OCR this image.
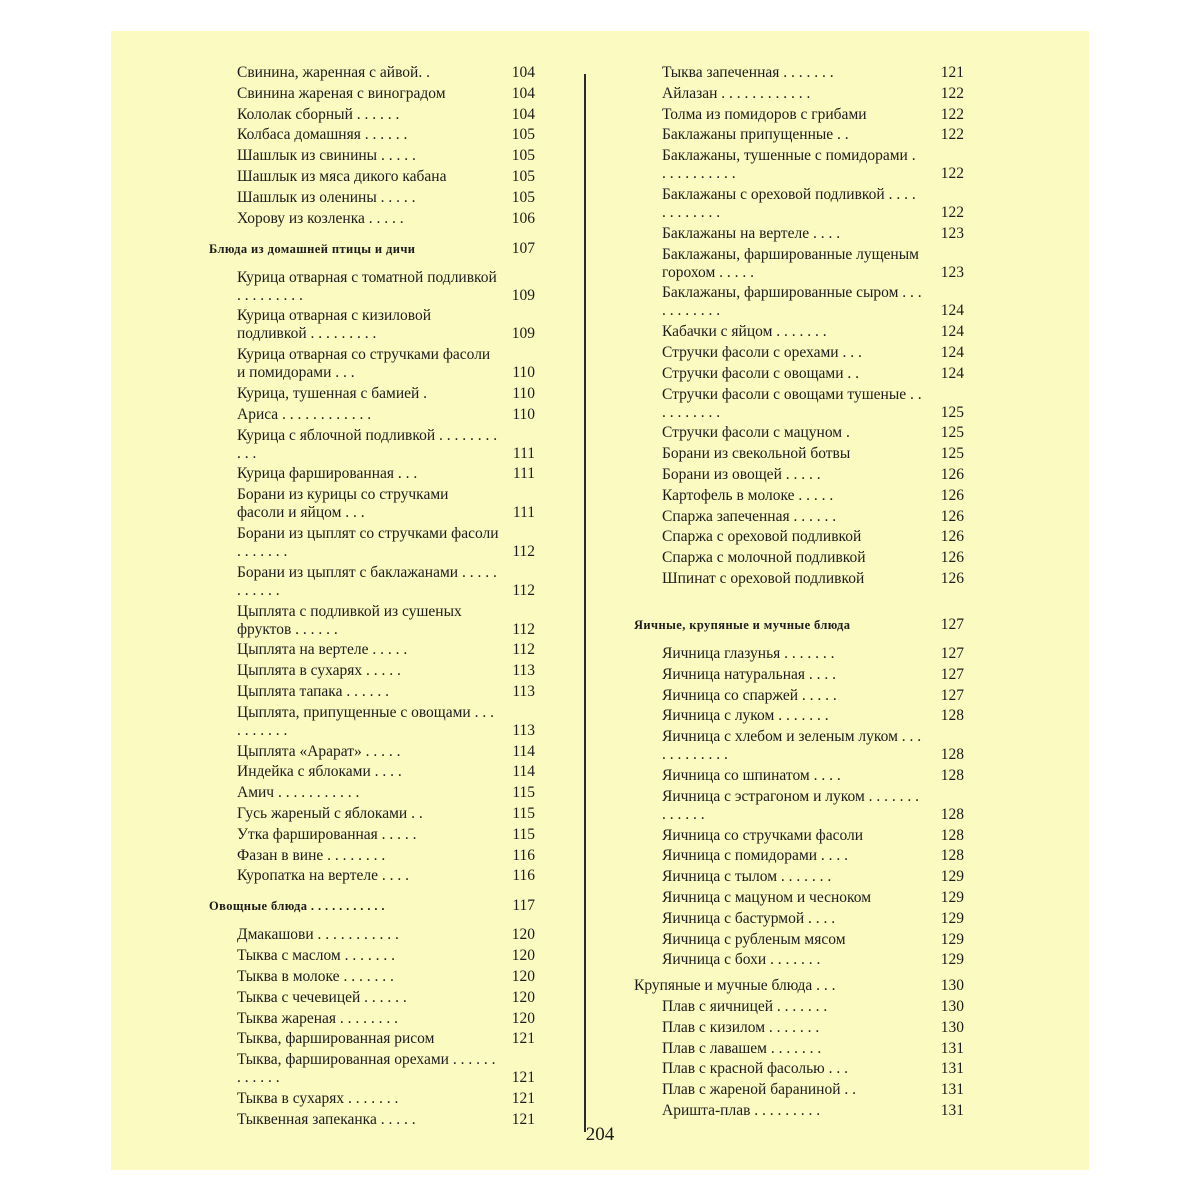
Свинина, жаренная с айвой. .	104
Свинина жареная с виноградом	104
Кололак сборный . . . . . .	104
Колбаса домашняя . . . . . .	105
Шашлык из свинины . . . . .	105
Шашлык из мяса дикого кабана	105
Шашлык из оленины . . . . .	105
Хорову из козленка . . . . .	106
Блюда из домашней птицы и дичи	107
Курица отварная с томатной подливкой . . . . . . . . .	109
Курица отварная с кизиловой подливкой . . . . . . . . .	109
Курица отварная со стручками фасоли и помидорами . . .	110
Курица, тушенная с бамией .	110
Ариса . . . . . . . . . . . .	110
Курица с яблочной подливкой . . . . . . . . . . .	111
Курица фаршированная . . .	111
Борани из курицы со стручками фасоли и яйцом . . .	111
Борани из цыплят со стручками фасоли . . . . . . .	112
Борани из цыплят с баклажанами . . . . . . . . . . .	112
Цыплята с подливкой из сушеных фруктов . . . . . .	112
Цыплята на вертеле . . . . .	112
Цыплята в сухарях . . . . .	113
Цыплята тапака . . . . . .	113
Цыплята, припущенные с овощами . . . . . . . . . .	113
Цыплята «Арарат» . . . . .	114
Индейка с яблоками . . . .	114
Амич . . . . . . . . . . .	115
Гусь жареный с яблоками . .	115
Утка фаршированная . . . . .	115
Фазан в вине . . . . . . . .	116
Куропатка на вертеле . . . .	116
Овощные блюда . . . . . . . . . . .	117
Дмакашови . . . . . . . . . . .	120
Тыква с маслом . . . . . . .	120
Тыква в молоке . . . . . . .	120
Тыква с чечевицей . . . . . .	120
Тыква жареная . . . . . . . .	120
Тыква, фаршированная рисом	121
Тыква, фаршированная орехами . . . . . . . . . . . .	121
Тыква в сухарях . . . . . . .	121
Тыквенная запеканка . . . . .	121
Тыква запеченная . . . . . . .	121
Айлазан . . . . . . . . . . . .	122
Толма из помидоров с грибами	122
Баклажаны припущенные . .	122
Баклажаны, тушенные с помидорами . . . . . . . . . . .	122
Баклажаны с ореховой подливкой . . . . . . . . . . . .	122
Баклажаны на вертеле . . . .	123
Баклажаны, фаршированные лущеным горохом . . . . .	123
Баклажаны, фаршированные сыром . . . . . . . . . . .	124
Кабачки с яйцом . . . . . . .	124
Стручки фасоли с орехами . . .	124
Стручки фасоли с овощами . .	124
Стручки фасоли с овощами тушеные . . . . . . . . . .	125
Стручки фасоли с мацуном .	125
Борани из свекольной ботвы	125
Борани из овощей . . . . .	126
Картофель в молоке . . . . .	126
Спаржа запеченная . . . . . .	126
Спаржа с ореховой подливкой	126
Спаржа с молочной подливкой	126
Шпинат с ореховой подливкой	126
Яичные, крупяные и мучные блюда	127
Яичница глазунья . . . . . . .	127
Яичница натуральная . . . .	127
Яичница со спаржей . . . . .	127
Яичница с луком . . . . . . .	128
Яичница с хлебом и зеленым луком . . . . . . . . . . . .	128
Яичница со шпинатом . . . .	128
Яичница с эстрагоном и луком . . . . . . . . . . . . .	128
Яичница со стручками фасоли	128
Яичница с помидорами . . . .	128
Яичница с тылом . . . . . . .	129
Яичница с мацуном и чесноком	129
Яичница с бастурмой . . . .	129
Яичница с рубленым мясом	129
Яичница с бохи . . . . . . .	129
Крупяные и мучные блюда . . .	130
Плав с яичницей . . . . . . .	130
Плав с кизилом . . . . . . .	130
Плав с лавашем . . . . . . .	131
Плав с красной фасолью . . .	131
Плав с жареной бараниной . .	131
Аришта-плав . . . . . . . . .	131
204
